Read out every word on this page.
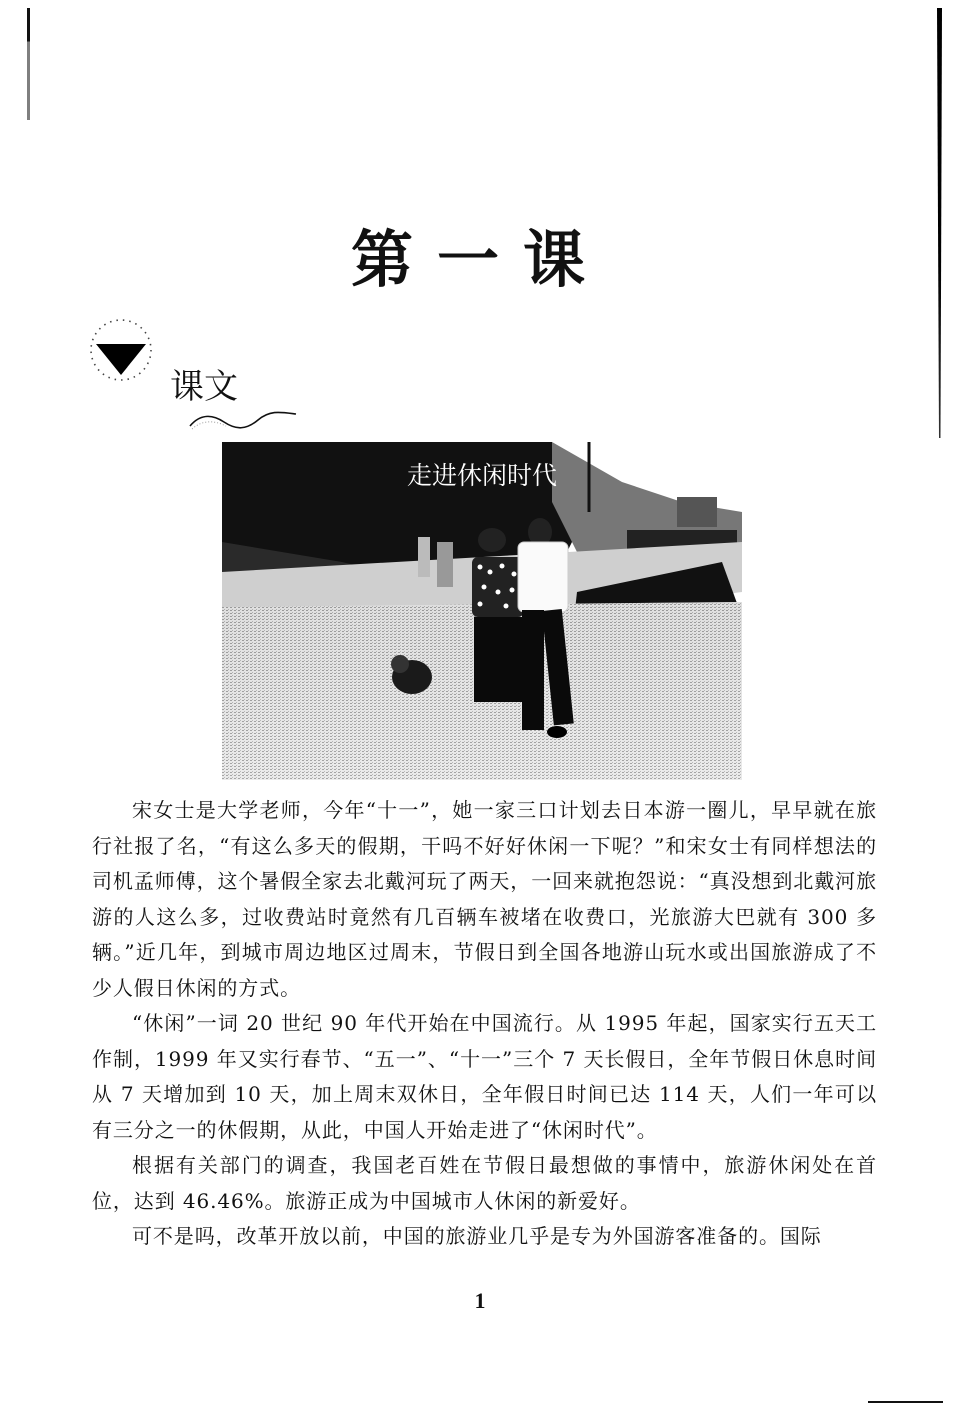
第一课
课文
走进休闲时代

宋女士是大学老师，今年“十一”，她一家三口计划去日本游一圈儿，早早就在旅行社报了名，“有这么多天的假期，干吗不好好休闲一下呢？”和宋女士有同样想法的司机孟师傅，这个暑假全家去北戴河玩了两天，一回来就抱怨说：“真没想到北戴河旅游的人这么多，过收费站时竟然有几百辆车被堵在收费口，光旅游大巴就有 300 多辆。”近几年，到城市周边地区过周末，节假日到全国各地游山玩水或出国旅游成了不少人假日休闲的方式。

“休闲”一词 20 世纪 90 年代开始在中国流行。从 1995 年起，国家实行五天工作制，1999 年又实行春节、“五一”、“十一”三个 7 天长假日，全年节假日休息时间从 7 天增加到 10 天，加上周末双休日，全年假日时间已达 114 天，人们一年可以有三分之一的休假期，从此，中国人开始走进了“休闲时代”。

根据有关部门的调查，我国老百姓在节假日最想做的事情中，旅游休闲处在首位，达到 46.46%。旅游正成为中国城市人休闲的新爱好。

可不是吗，改革开放以前，中国的旅游业几乎是专为外国游客准备的。国际

1
